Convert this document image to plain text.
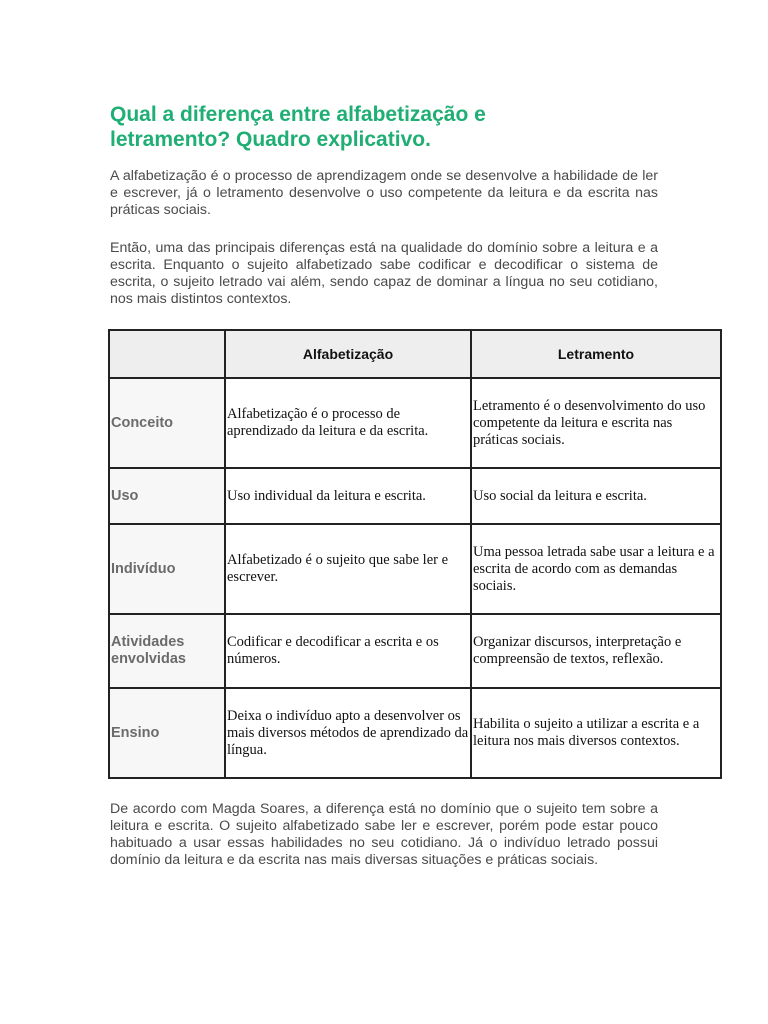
Qual a diferença entre alfabetização e letramento? Quadro explicativo.

A alfabetização é o processo de aprendizagem onde se desenvolve a habilidade de ler e escrever, já o letramento desenvolve o uso competente da leitura e da escrita nas práticas sociais.

Então, uma das principais diferenças está na qualidade do domínio sobre a leitura e a escrita. Enquanto o sujeito alfabetizado sabe codificar e decodificar o sistema de escrita, o sujeito letrado vai além, sendo capaz de dominar a língua no seu cotidiano, nos mais distintos contextos.

	Alfabetização	Letramento
Conceito	Alfabetização é o processo de aprendizado da leitura e da escrita.	Letramento é o desenvolvimento do uso competente da leitura e escrita nas práticas sociais.
Uso	Uso individual da leitura e escrita.	Uso social da leitura e escrita.
Indivíduo	Alfabetizado é o sujeito que sabe ler e escrever.	Uma pessoa letrada sabe usar a leitura e a escrita de acordo com as demandas sociais.
Atividades envolvidas	Codificar e decodificar a escrita e os números.	Organizar discursos, interpretação e compreensão de textos, reflexão.
Ensino	Deixa o indivíduo apto a desenvolver os mais diversos métodos de aprendizado da língua.	Habilita o sujeito a utilizar a escrita e a leitura nos mais diversos contextos.

De acordo com Magda Soares, a diferença está no domínio que o sujeito tem sobre a leitura e escrita. O sujeito alfabetizado sabe ler e escrever, porém pode estar pouco habituado a usar essas habilidades no seu cotidiano. Já o indivíduo letrado possui domínio da leitura e da escrita nas mais diversas situações e práticas sociais.
